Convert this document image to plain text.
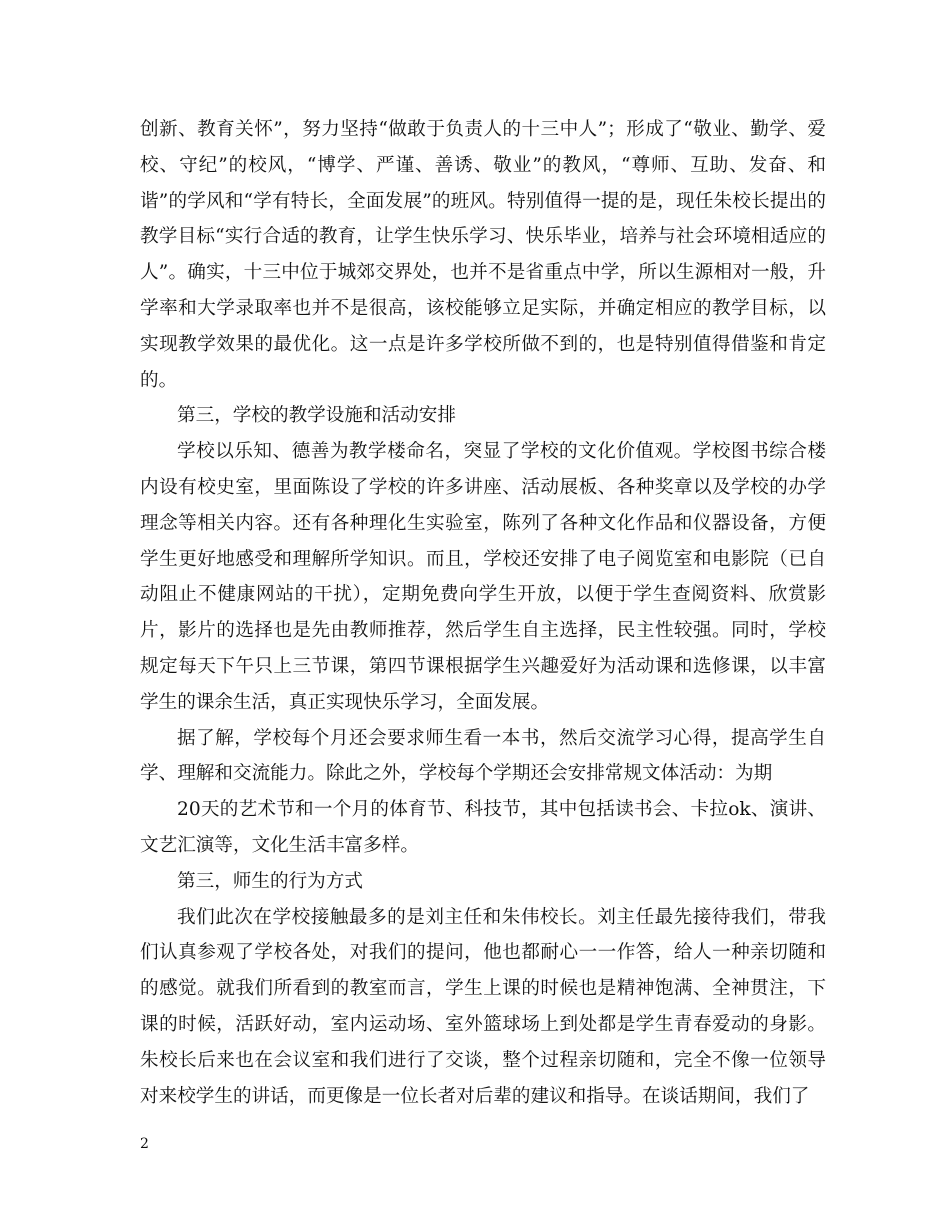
创新、教育关怀”，努力坚持“做敢于负责人的十三中人”；形成了“敬业、勤学、爱校、守纪”的校风，“博学、严谨、善诱、敬业”的教风，“尊师、互助、发奋、和谐”的学风和“学有特长，全面发展”的班风。特别值得一提的是，现任朱校长提出的教学目标“实行合适的教育，让学生快乐学习、快乐毕业，培养与社会环境相适应的人”。确实，十三中位于城郊交界处，也并不是省重点中学，所以生源相对一般，升学率和大学录取率也并不是很高，该校能够立足实际，并确定相应的教学目标，以实现教学效果的最优化。这一点是许多学校所做不到的，也是特别值得借鉴和肯定的。

第三，学校的教学设施和活动安排

学校以乐知、德善为教学楼命名，突显了学校的文化价值观。学校图书综合楼内设有校史室，里面陈设了学校的许多讲座、活动展板、各种奖章以及学校的办学理念等相关内容。还有各种理化生实验室，陈列了各种文化作品和仪器设备，方便学生更好地感受和理解所学知识。而且，学校还安排了电子阅览室和电影院（已自动阻止不健康网站的干扰），定期免费向学生开放，以便于学生查阅资料、欣赏影片，影片的选择也是先由教师推荐，然后学生自主选择，民主性较强。同时，学校规定每天下午只上三节课，第四节课根据学生兴趣爱好为活动课和选修课，以丰富学生的课余生活，真正实现快乐学习，全面发展。

据了解，学校每个月还会要求师生看一本书，然后交流学习心得，提高学生自学、理解和交流能力。除此之外，学校每个学期还会安排常规文体活动：为期

20天的艺术节和一个月的体育节、科技节，其中包括读书会、卡拉ok、演讲、文艺汇演等，文化生活丰富多样。

第三，师生的行为方式

我们此次在学校接触最多的是刘主任和朱伟校长。刘主任最先接待我们，带我们认真参观了学校各处，对我们的提问，他也都耐心一一作答，给人一种亲切随和的感觉。就我们所看到的教室而言，学生上课的时候也是精神饱满、全神贯注，下课的时候，活跃好动，室内运动场、室外篮球场上到处都是学生青春爱动的身影。朱校长后来也在会议室和我们进行了交谈，整个过程亲切随和，完全不像一位领导对来校学生的讲话，而更像是一位长者对后辈的建议和指导。在谈话期间，我们了

2
